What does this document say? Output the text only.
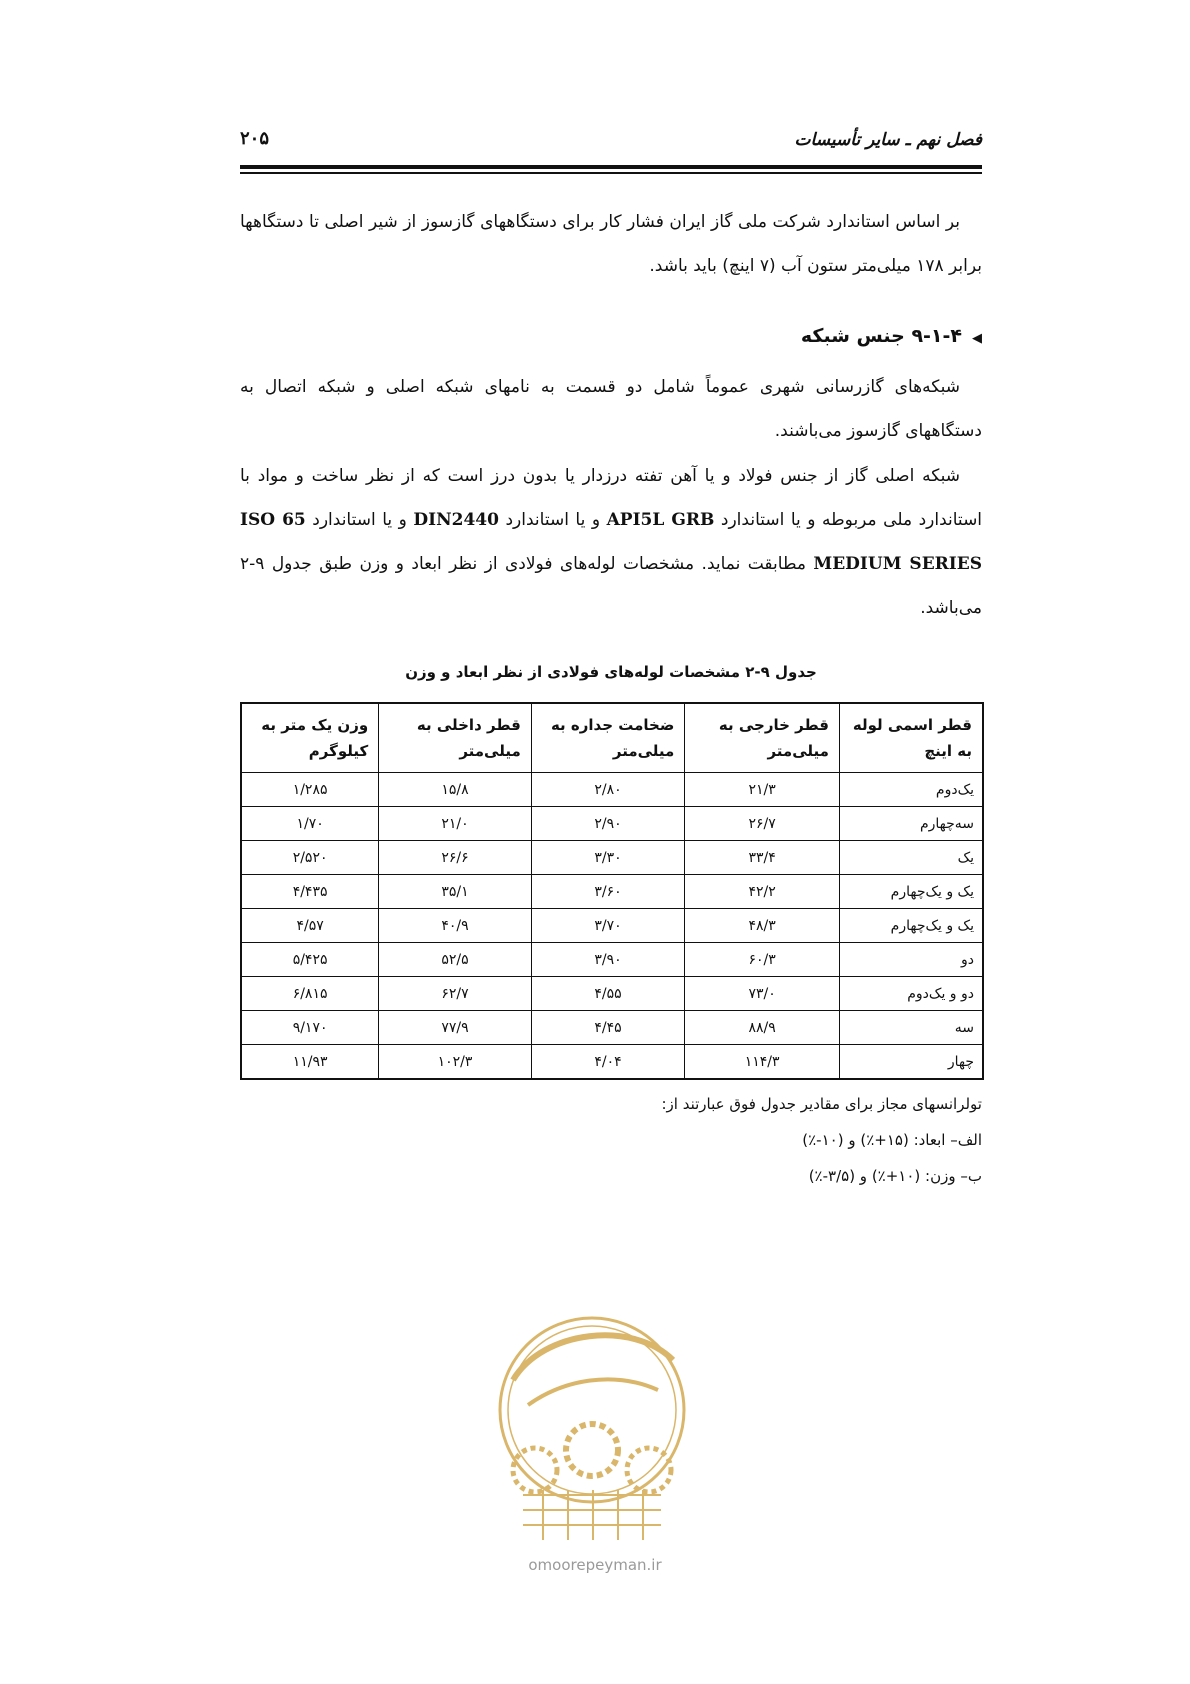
فصل نهم ـ سایر تأسیسات
۲۰۵

بر اساس استاندارد شرکت ملی گاز ایران فشار کار برای دستگاههای گازسوز از شیر اصلی تا دستگاهها برابر ۱۷۸ میلی‌متر ستون آب (۷ اینچ) باید باشد.

◀۹-۱-۴ جنس شبکه

شبکه‌های گازرسانی شهری عموماً شامل دو قسمت به نامهای شبکه اصلی و شبکه اتصال به دستگاههای گازسوز می‌باشند.

شبکه اصلی گاز از جنس فولاد و یا آهن تفته درزدار یا بدون درز است که از نظر ساخت و مواد با استاندارد ملی مربوطه و یا استاندارد API5L GRB و یا استاندارد DIN2440 و یا استاندارد ISO 65 MEDIUM SERIES مطابقت نماید. مشخصات لوله‌های فولادی از نظر ابعاد و وزن طبق جدول ۹-۲ می‌باشد.

جدول ۹-۲ مشخصات لوله‌های فولادی از نظر ابعاد و وزن
قطر اسمی لوله به اینچ	قطر خارجی به میلی‌متر	ضخامت جداره به میلی‌متر	قطر داخلی به میلی‌متر	وزن یک متر به کیلوگرم
یک‌دوم	۲۱/۳	۲/۸۰	۱۵/۸	۱/۲۸۵
سه‌چهارم	۲۶/۷	۲/۹۰	۲۱/۰	۱/۷۰
یک	۳۳/۴	۳/۳۰	۲۶/۶	۲/۵۲۰
یک و یک‌چهارم	۴۲/۲	۳/۶۰	۳۵/۱	۴/۴۳۵
یک و یک‌چهارم	۴۸/۳	۳/۷۰	۴۰/۹	۴/۵۷
دو	۶۰/۳	۳/۹۰	۵۲/۵	۵/۴۲۵
دو و یک‌دوم	۷۳/۰	۴/۵۵	۶۲/۷	۶/۸۱۵
سه	۸۸/۹	۴/۴۵	۷۷/۹	۹/۱۷۰
چهار	۱۱۴/۳	۴/۰۴	۱۰۲/۳	۱۱/۹۳

تولرانسهای مجاز برای مقادیر جدول فوق عبارتند از:

الف– ابعاد: (۱۵+٪) و (۱۰-٪)

ب– وزن: (۱۰+٪) و (۳/۵-٪)

omoorepeyman.ir
